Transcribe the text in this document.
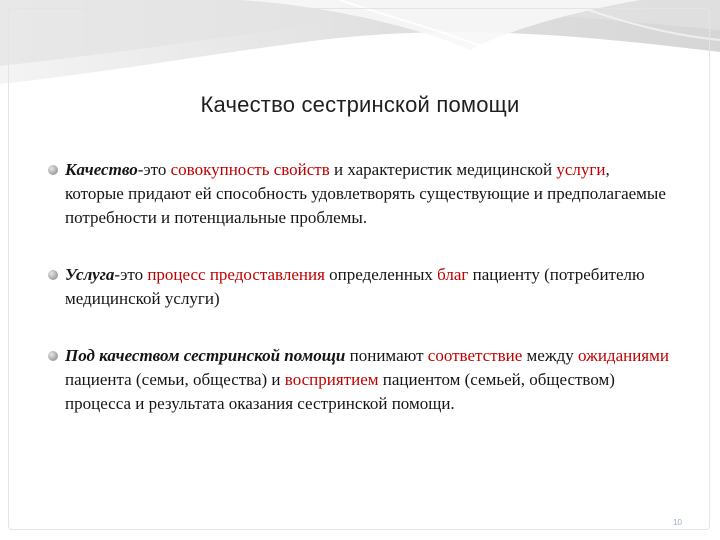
Качество сестринской помощи
Качество-это совокупность свойств и характеристик медицинской услуги, которые придают ей способность удовлетворять существующие и предполагаемые потребности и потенциальные проблемы.
Услуга-это процесс предоставления определенных благ пациенту (потребителю медицинской услуги)
Под качеством сестринской помощи понимают соответствие между ожиданиями пациента (семьи, общества) и восприятием пациентом (семьей, обществом) процесса и результата оказания сестринской помощи.
10
